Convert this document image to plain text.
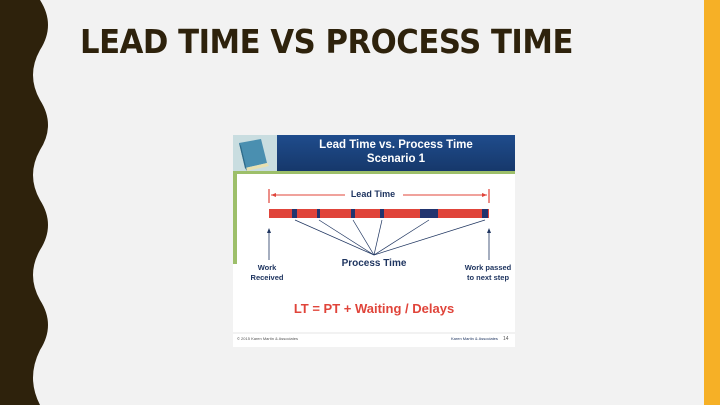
LEAD TIME VS PROCESS TIME
Lead Time vs. Process Time
Scenario 1
Lead Time
Process Time
Work
Received
Work passed
to next step
LT = PT + Waiting / Delays
© 2015 Karen Martin & Associates	Karen Martin & Associates 14
